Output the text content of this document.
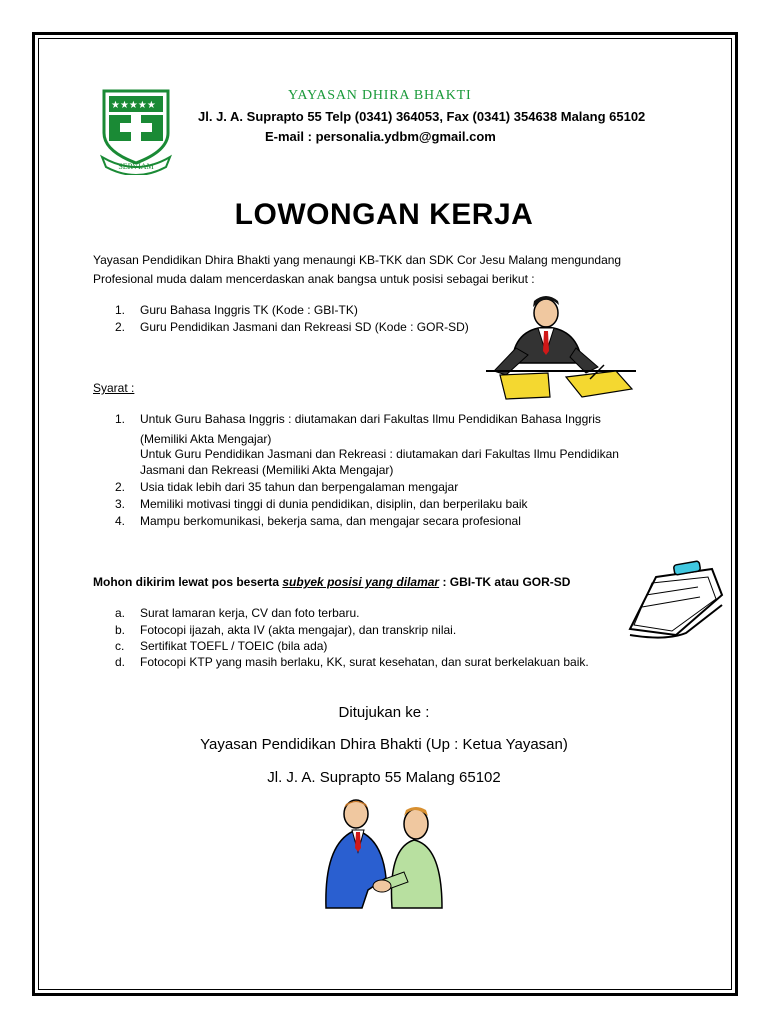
★★★★★
SERVIAM
YAYASAN DHIRA BHAKTI
Jl. J. A. Suprapto 55 Telp (0341) 364053, Fax (0341) 354638 Malang 65102
E-mail : personalia.ydbm@gmail.com
LOWONGAN KERJA
Yayasan Pendidikan Dhira Bhakti yang menaungi KB-TKK dan SDK Cor Jesu Malang mengundang
Profesional muda dalam mencerdaskan anak bangsa untuk posisi sebagai berikut :
1. Guru Bahasa Inggris TK (Kode : GBI-TK)
2. Guru Pendidikan Jasmani dan Rekreasi SD (Kode : GOR-SD)
Syarat :
1. Untuk Guru Bahasa Inggris : diutamakan dari Fakultas Ilmu Pendidikan Bahasa Inggris
(Memiliki Akta Mengajar)
Untuk Guru Pendidikan Jasmani dan Rekreasi : diutamakan dari Fakultas Ilmu Pendidikan
Jasmani dan Rekreasi (Memiliki Akta Mengajar)
2. Usia tidak lebih dari 35 tahun dan berpengalaman mengajar
3. Memiliki motivasi tinggi di dunia pendidikan, disiplin, dan berperilaku baik
4. Mampu berkomunikasi, bekerja sama, dan mengajar secara profesional
Mohon dikirim lewat pos beserta subyek posisi yang dilamar : GBI-TK atau GOR-SD
a. Surat lamaran kerja, CV dan foto terbaru.
b. Fotocopi ijazah, akta IV (akta mengajar), dan transkrip nilai.
c. Sertifikat TOEFL / TOEIC (bila ada)
d. Fotocopi KTP yang masih berlaku, KK, surat kesehatan, dan surat berkelakuan baik.
Ditujukan ke :
Yayasan Pendidikan Dhira Bhakti (Up : Ketua Yayasan)
Jl. J. A. Suprapto 55 Malang 65102
